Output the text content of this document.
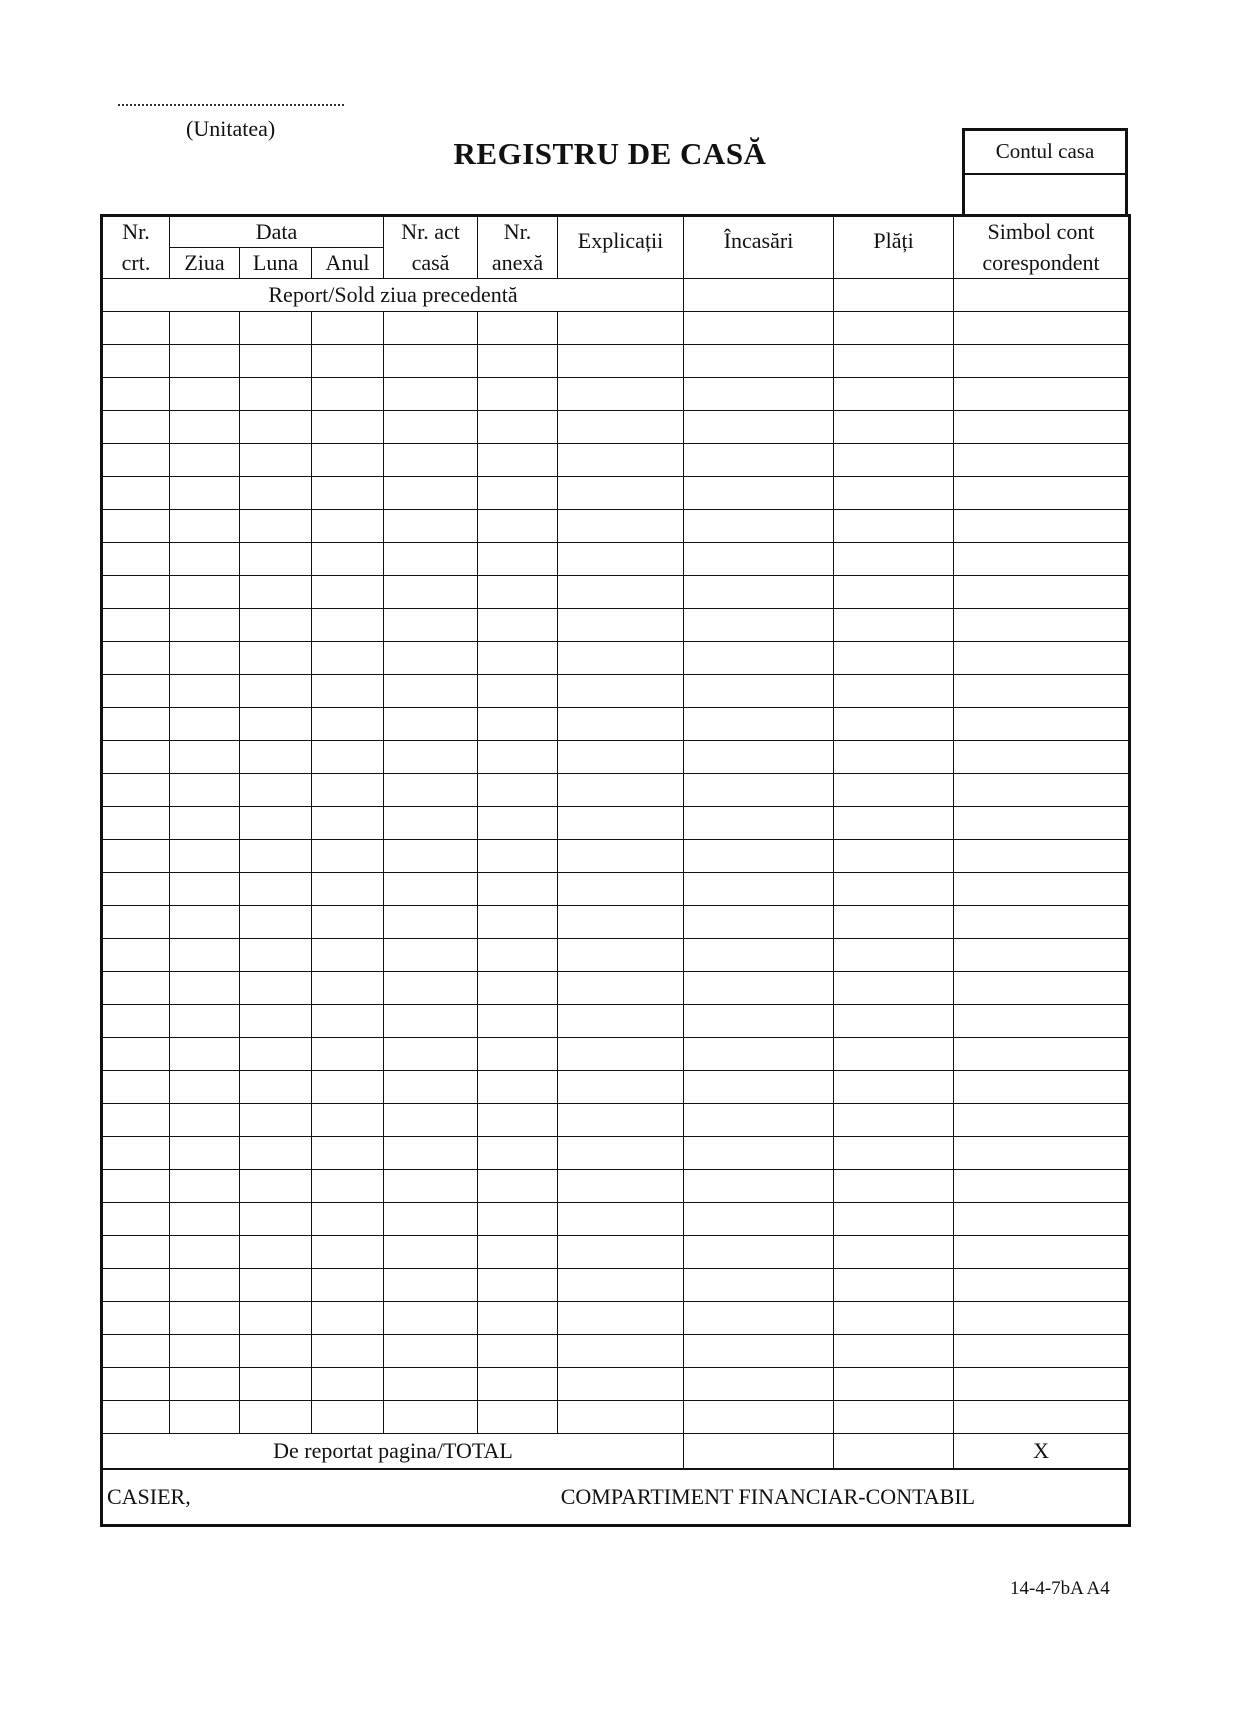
(Unitatea)
REGISTRU DE CASĂ	Contul casa
Nr.	Data			Nr. act	Nr.	Explicații	Încasări	Plăți	Simbol cont
crt.	Ziua	Luna	Anul	casă	anexă				corespondent
Report/Sold ziua precedentă									

De reportat pagina/TOTAL									X

CASIER, COMPARTIMENT FINANCIAR-CONTABIL									
14-4-7bA A4
